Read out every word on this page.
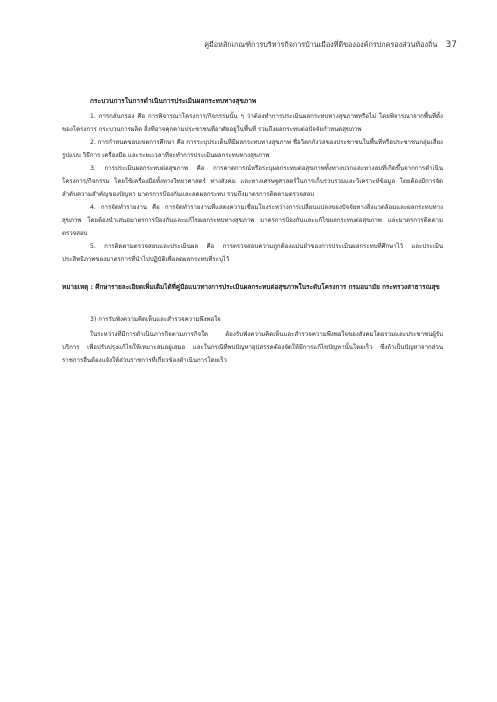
คู่มือหลักเกณฑ์การบริหารกิจการบ้านเมืองที่ดีขององค์กรปกครองส่วนท้องถิ่น 37
กระบวนการในการดำเนินการประเมินผลกระทบทางสุขภาพ

1. การกลั่นกรอง คือ การพิจารณาโครงการ/กิจกรรมนั้น ๆ ว่าต้องทำการประเมินผลกระทบทางสุขภาพหรือไม่ โดยพิจารณาจากพื้นที่ตั้งของโครงการ กระบวนการผลิต สิ่งที่อาจคุกคามประชาชนที่อาศัยอยู่ในพื้นที่ รวมถึงผลกระทบต่อปัจจัยกำหนดสุขภาพ

2. การกำหนดขอบเขตการศึกษา คือ การระบุประเด็นที่มีผลกระทบทางสุขภาพ ชื่อวิตกกังวลของประชาชนในพื้นที่หรือประชาชนกลุ่มเสี่ยง รูปแบบ วิธีการ เครื่องมือ และระยะเวลาที่จะทำการประเมินผลกระทบทางสุขภาพ

3. การประเมินผลกระทบต่อสุขภาพ คือ การคาดการณ์หรือระบุผลกระทบต่อสุขภาพทั้งทางบวกและทางลบที่เกิดขึ้นจากการดำเนินโครงการ/กิจกรรม โดยใช้เครื่องมือทั้งทางวิทยาศาสตร์ ทางสังคม และทางเศรษฐศาสตร์ในการเก็บรวบรวมและวิเคราะห์ข้อมูล โดยต้องมีการจัดลำดับความสำคัญของปัญหา มาตรการป้องกันและลดผลกระทบ รวมถึงมาตรการติดตามตรวจสอบ

4. การจัดทำรายงาน คือ การจัดทำรายงานที่แสดงความเชื่อมโยงระหว่างการเปลี่ยนแปลงของปัจจัยทางสิ่งแวดล้อมและผลกระทบทางสุขภาพ โดยต้องนำเสนอมาตรการป้องกันและแก้ไขผลกระทบทางสุขภาพ มาตรการป้องกันและแก้ไขผลกระทบต่อสุขภาพ และมาตรการติดตามตรวจสอบ

5. การติดตามตรวจสอบและประเมินผล คือ การตรวจสอบความถูกต้องแม่นยำของการประเมินผลกระทบที่ศึกษาไว้ และประเมินประสิทธิภาพของมาตรการที่นำไปปฏิบัติเพื่อลดผลกระทบที่ระบุไว้

หมายเหตุ : ศึกษารายละเอียดเพิ่มเติมได้ที่คู่มือแนวทางการประเมินผลกระทบต่อสุขภาพในระดับโครงการ กรมอนามัย กระทรวงสาธารณสุข

3) การรับฟังความคิดเห็นและสำรวจความพึงพอใจ

ในระหว่างที่มีการดำเนินภารกิจตามภารกิจใด ต้องรับฟังความคิดเห็นและสำรวจความพึงพอใจของสังคมโดยรวมและประชาชนผู้รับบริการ เพื่อปรับปรุงแก้ไขให้เหมาะสมอยู่เสมอ และในกรณีที่พบปัญหาอุปสรรคต้องจัดให้มีการแก้ไขปัญหานั้นโดยเร็ว ซึ่งถ้าเป็นปัญหาจากส่วนราชการอื่นต้องแจ้งให้ส่วนราชการที่เกี่ยวข้องดำเนินการโดยเร็ว
